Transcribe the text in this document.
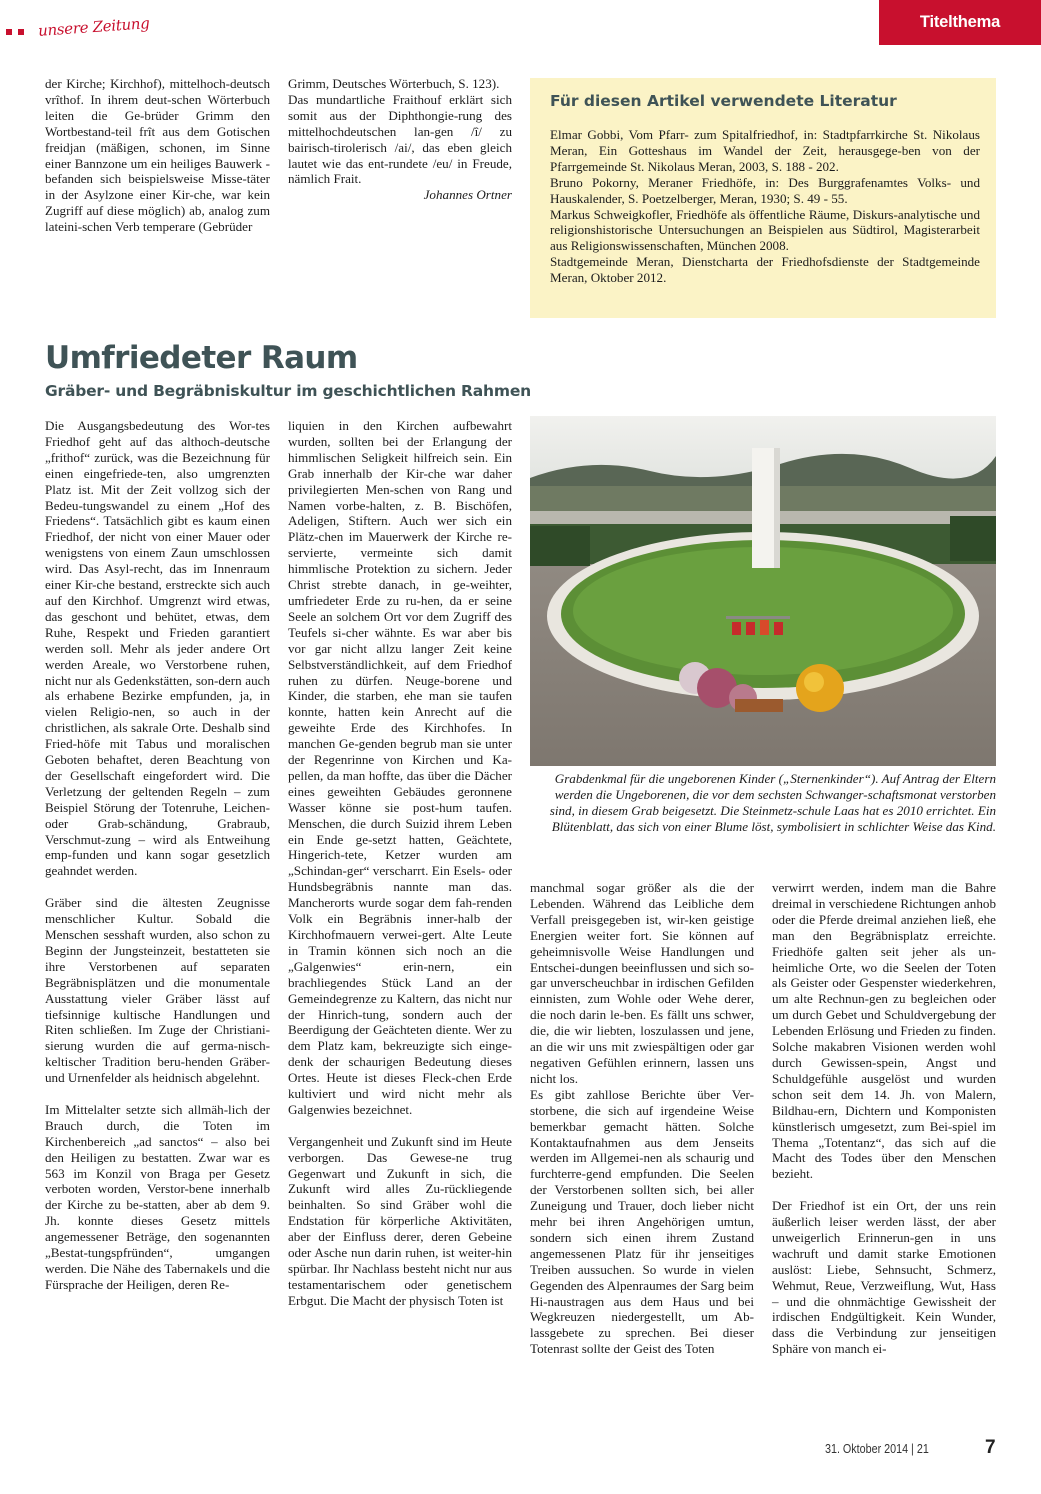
unsere Zeitung	Titelthema

der Kirche; Kirchhof), mittelhoch-deutsch vrîthof. In ihrem deut-schen Wörterbuch leiten die Ge-brüder Grimm den Wortbestand-teil frît aus dem Gotischen freidjan (mäßigen, schonen, im Sinne einer Bannzone um ein heiliges Bauwerk - befanden sich beispielsweise Misse-täter in der Asylzone einer Kir-che, war kein Zugriff auf diese möglich) ab, analog zum lateini-schen Verb temperare (Gebrüder

Grimm, Deutsches Wörterbuch, S. 123).

Das mundartliche Fraithouf erklärt sich somit aus der Diphthongie-rung des mittelhochdeutschen lan-gen /î/ zu bairisch-tirolerisch /ai/, das eben gleich lautet wie das ent-rundete /eu/ in Freude, nämlich Frait.

Johannes Ortner

Für diesen Artikel verwendete Literatur

Elmar Gobbi, Vom Pfarr- zum Spitalfriedhof, in: Stadtpfarrkirche St. Nikolaus Meran, Ein Gotteshaus im Wandel der Zeit, herausgege-ben von der Pfarrgemeinde St. Nikolaus Meran, 2003, S. 188 - 202.

Bruno Pokorny, Meraner Friedhöfe, in: Des Burggrafenamtes Volks- und Hauskalender, S. Poetzelberger, Meran, 1930; S. 49 - 55.

Markus Schweigkofler, Friedhöfe als öffentliche Räume, Diskurs-analytische und religionshistorische Untersuchungen an Beispielen aus Südtirol, Magisterarbeit aus Religionswissenschaften, München 2008.

Stadtgemeinde Meran, Dienstcharta der Friedhofsdienste der Stadtgemeinde Meran, Oktober 2012.

Umfriedeter Raum
Gräber- und Begräbniskultur im geschichtlichen Rahmen

Die Ausgangsbedeutung des Wor-tes Friedhof geht auf das althoch-deutsche „frithof“ zurück, was die Bezeichnung für einen eingefriede-ten, also umgrenzten Platz ist. Mit der Zeit vollzog sich der Bedeu-tungswandel zu einem „Hof des Friedens“. Tatsächlich gibt es kaum einen Friedhof, der nicht von einer Mauer oder wenigstens von einem Zaun umschlossen wird. Das Asyl-recht, das im Innenraum einer Kir-che bestand, erstreckte sich auch auf den Kirchhof. Umgrenzt wird etwas, das geschont und behütet, etwas, dem Ruhe, Respekt und Frieden garantiert werden soll. Mehr als jeder andere Ort werden Areale, wo Verstorbene ruhen, nicht nur als Gedenkstätten, son-dern auch als erhabene Bezirke empfunden, ja, in vielen Religio-nen, so auch in der christlichen, als sakrale Orte. Deshalb sind Fried-höfe mit Tabus und moralischen Geboten behaftet, deren Beachtung von der Gesellschaft eingefordert wird. Die Verletzung der geltenden Regeln – zum Beispiel Störung der Totenruhe, Leichen- oder Grab-schändung, Grabraub, Verschmut-zung – wird als Entweihung emp-funden und kann sogar gesetzlich geahndet werden.

Gräber sind die ältesten Zeugnisse menschlicher Kultur. Sobald die Menschen sesshaft wurden, also schon zu Beginn der Jungsteinzeit, bestatteten sie ihre Verstorbenen auf separaten Begräbnisplätzen und die monumentale Ausstattung vieler Gräber lässt auf tiefsinnige kultische Handlungen und Riten schließen. Im Zuge der Christiani-sierung wurden die auf germa-nisch-keltischer Tradition beru-henden Gräber-und Urnenfelder als heidnisch abgelehnt.

Im Mittelalter setzte sich allmäh-lich der Brauch durch, die Toten im Kirchenbereich „ad sanctos“ – also bei den Heiligen zu bestatten. Zwar war es 563 im Konzil von Braga per Gesetz verboten worden, Verstor-bene innerhalb der Kirche zu be-statten, aber ab dem 9. Jh. konnte dieses Gesetz mittels angemessener Beträge, den sogenannten „Bestat-tungspfründen“, umgangen werden. Die Nähe des Tabernakels und die Fürsprache der Heiligen, deren Re-

liquien in den Kirchen aufbewahrt wurden, sollten bei der Erlangung der himmlischen Seligkeit hilfreich sein. Ein Grab innerhalb der Kir-che war daher privilegierten Men-schen von Rang und Namen vorbe-halten, z. B. Bischöfen, Adeligen, Stiftern. Auch wer sich ein Plätz-chen im Mauerwerk der Kirche re-servierte, vermeinte sich damit himmlische Protektion zu sichern. Jeder Christ strebte danach, in ge-weihter, umfriedeter Erde zu ru-hen, da er seine Seele an solchem Ort vor dem Zugriff des Teufels si-cher wähnte. Es war aber bis vor gar nicht allzu langer Zeit keine Selbstverständlichkeit, auf dem Friedhof ruhen zu dürfen. Neuge-borene und Kinder, die starben, ehe man sie taufen konnte, hatten kein Anrecht auf die geweihte Erde des Kirchhofes. In manchen Ge-genden begrub man sie unter der Regenrinne von Kirchen und Ka-pellen, da man hoffte, das über die Dächer eines geweihten Gebäudes geronnene Wasser könne sie post-hum taufen. Menschen, die durch Suizid ihrem Leben ein Ende ge-setzt hatten, Geächtete, Hingerich-tete, Ketzer wurden am „Schindan-ger“ verscharrt. Ein Esels- oder Hundsbegräbnis nannte man das. Mancherorts wurde sogar dem fah-renden Volk ein Begräbnis inner-halb der Kirchhofmauern verwei-gert. Alte Leute in Tramin können sich noch an die „Galgenwies“ erin-nern, ein brachliegendes Stück Land an der Gemeindegrenze zu Kaltern, das nicht nur der Hinrich-tung, sondern auch der Beerdigung der Geächteten diente. Wer zu dem Platz kam, bekreuzigte sich einge-denk der schaurigen Bedeutung dieses Ortes. Heute ist dieses Fleck-chen Erde kultiviert und wird nicht mehr als Galgenwies bezeichnet.

Vergangenheit und Zukunft sind im Heute verborgen. Das Gewese-ne trug Gegenwart und Zukunft in sich, die Zukunft wird alles Zu-rückliegende beinhalten. So sind Gräber wohl die Endstation für körperliche Aktivitäten, aber der Einfluss derer, deren Gebeine oder Asche nun darin ruhen, ist weiter-hin spürbar. Ihr Nachlass besteht nicht nur aus testamentarischem oder genetischem Erbgut. Die Macht der physisch Toten ist

Grabdenkmal für die ungeborenen Kinder („Sternenkinder“). Auf Antrag der Eltern werden die Ungeborenen, die vor dem sechsten Schwanger-schaftsmonat verstorben sind, in diesem Grab beigesetzt. Die Steinmetz-schule Laas hat es 2010 errichtet. Ein Blütenblatt, das sich von einer Blume löst, symbolisiert in schlichter Weise das Kind.

manchmal sogar größer als die der Lebenden. Während das Leibliche dem Verfall preisgegeben ist, wir-ken geistige Energien weiter fort. Sie können auf geheimnisvolle Weise Handlungen und Entschei-dungen beeinflussen und sich so-gar unverscheuchbar in irdischen Gefilden einnisten, zum Wohle oder Wehe derer, die noch darin le-ben. Es fällt uns schwer, die, die wir liebten, loszulassen und jene, an die wir uns mit zwiespältigen oder gar negativen Gefühlen erinnern, lassen uns nicht los.

Es gibt zahllose Berichte über Ver-storbene, die sich auf irgendeine Weise bemerkbar gemacht hätten. Solche Kontaktaufnahmen aus dem Jenseits werden im Allgemei-nen als schaurig und furchterre-gend empfunden. Die Seelen der Verstorbenen sollten sich, bei aller Zuneigung und Trauer, doch lieber nicht mehr bei ihren Angehörigen umtun, sondern sich einen ihrem Zustand angemessenen Platz für ihr jenseitiges Treiben aussuchen. So wurde in vielen Gegenden des Alpenraumes der Sarg beim Hi-naustragen aus dem Haus und bei Wegkreuzen niedergestellt, um Ab-lassgebete zu sprechen. Bei dieser Totenrast sollte der Geist des Toten

verwirrt werden, indem man die Bahre dreimal in verschiedene Richtungen anhob oder die Pferde dreimal anziehen ließ, ehe man den Begräbnisplatz erreichte. Friedhöfe galten seit jeher als un-heimliche Orte, wo die Seelen der Toten als Geister oder Gespenster wiederkehren, um alte Rechnun-gen zu begleichen oder um durch Gebet und Schuldvergebung der Lebenden Erlösung und Frieden zu finden. Solche makabren Visionen werden wohl durch Gewissen-spein, Angst und Schuldgefühle ausgelöst und wurden schon seit dem 14. Jh. von Malern, Bildhau-ern, Dichtern und Komponisten künstlerisch umgesetzt, zum Bei-spiel im Thema „Totentanz“, das sich auf die Macht des Todes über den Menschen bezieht.

Der Friedhof ist ein Ort, der uns rein äußerlich leiser werden lässt, der aber unweigerlich Erinnerun-gen in uns wachruft und damit starke Emotionen auslöst: Liebe, Sehnsucht, Schmerz, Wehmut, Reue, Verzweiflung, Wut, Hass – und die ohnmächtige Gewissheit der irdischen Endgültigkeit. Kein Wunder, dass die Verbindung zur jenseitigen Sphäre von manch ei-

31. Oktober 2014 | 21	7
